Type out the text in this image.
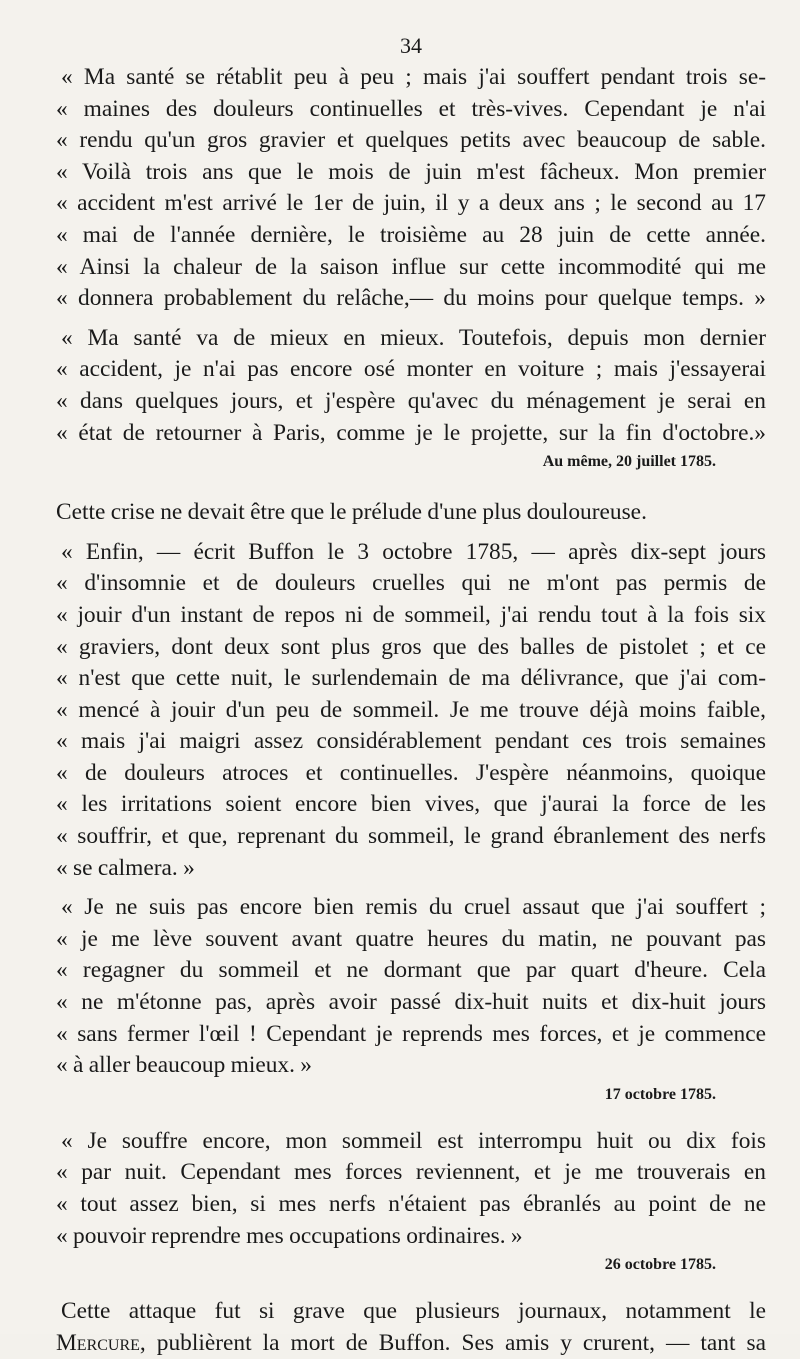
34
« Ma santé se rétablit peu à peu ; mais j'ai souffert pendant trois se-
« maines des douleurs continuelles et très-vives. Cependant je n'ai
« rendu qu'un gros gravier et quelques petits avec beaucoup de sable.
« Voilà trois ans que le mois de juin m'est fâcheux. Mon premier
« accident m'est arrivé le 1er de juin, il y a deux ans ; le second au 17
« mai de l'année dernière, le troisième au 28 juin de cette année.
« Ainsi la chaleur de la saison influe sur cette incommodité qui me
« donnera probablement du relâche,— du moins pour quelque temps. »
« Ma santé va de mieux en mieux. Toutefois, depuis mon dernier
« accident, je n'ai pas encore osé monter en voiture ; mais j'essayerai
« dans quelques jours, et j'espère qu'avec du ménagement je serai en
« état de retourner à Paris, comme je le projette, sur la fin d'octobre.»
Au même, 20 juillet 1785.
Cette crise ne devait être que le prélude d'une plus douloureuse.
« Enfin, — écrit Buffon le 3 octobre 1785, — après dix-sept jours
« d'insomnie et de douleurs cruelles qui ne m'ont pas permis de
« jouir d'un instant de repos ni de sommeil, j'ai rendu tout à la fois six
« graviers, dont deux sont plus gros que des balles de pistolet ; et ce
« n'est que cette nuit, le surlendemain de ma délivrance, que j'ai com-
« mencé à jouir d'un peu de sommeil. Je me trouve déjà moins faible,
« mais j'ai maigri assez considérablement pendant ces trois semaines
« de douleurs atroces et continuelles. J'espère néanmoins, quoique
« les irritations soient encore bien vives, que j'aurai la force de les
« souffrir, et que, reprenant du sommeil, le grand ébranlement des nerfs
« se calmera. »
« Je ne suis pas encore bien remis du cruel assaut que j'ai souffert ;
« je me lève souvent avant quatre heures du matin, ne pouvant pas
« regagner du sommeil et ne dormant que par quart d'heure. Cela
« ne m'étonne pas, après avoir passé dix-huit nuits et dix-huit jours
« sans fermer l'œil ! Cependant je reprends mes forces, et je commence
« à aller beaucoup mieux. »
17 octobre 1785.
« Je souffre encore, mon sommeil est interrompu huit ou dix fois
« par nuit. Cependant mes forces reviennent, et je me trouverais en
« tout assez bien, si mes nerfs n'étaient pas ébranlés au point de ne
« pouvoir reprendre mes occupations ordinaires. »
26 octobre 1785.
Cette attaque fut si grave que plusieurs journaux, notamment le
Mercure, publièrent la mort de Buffon. Ses amis y crurent, — tant sa
